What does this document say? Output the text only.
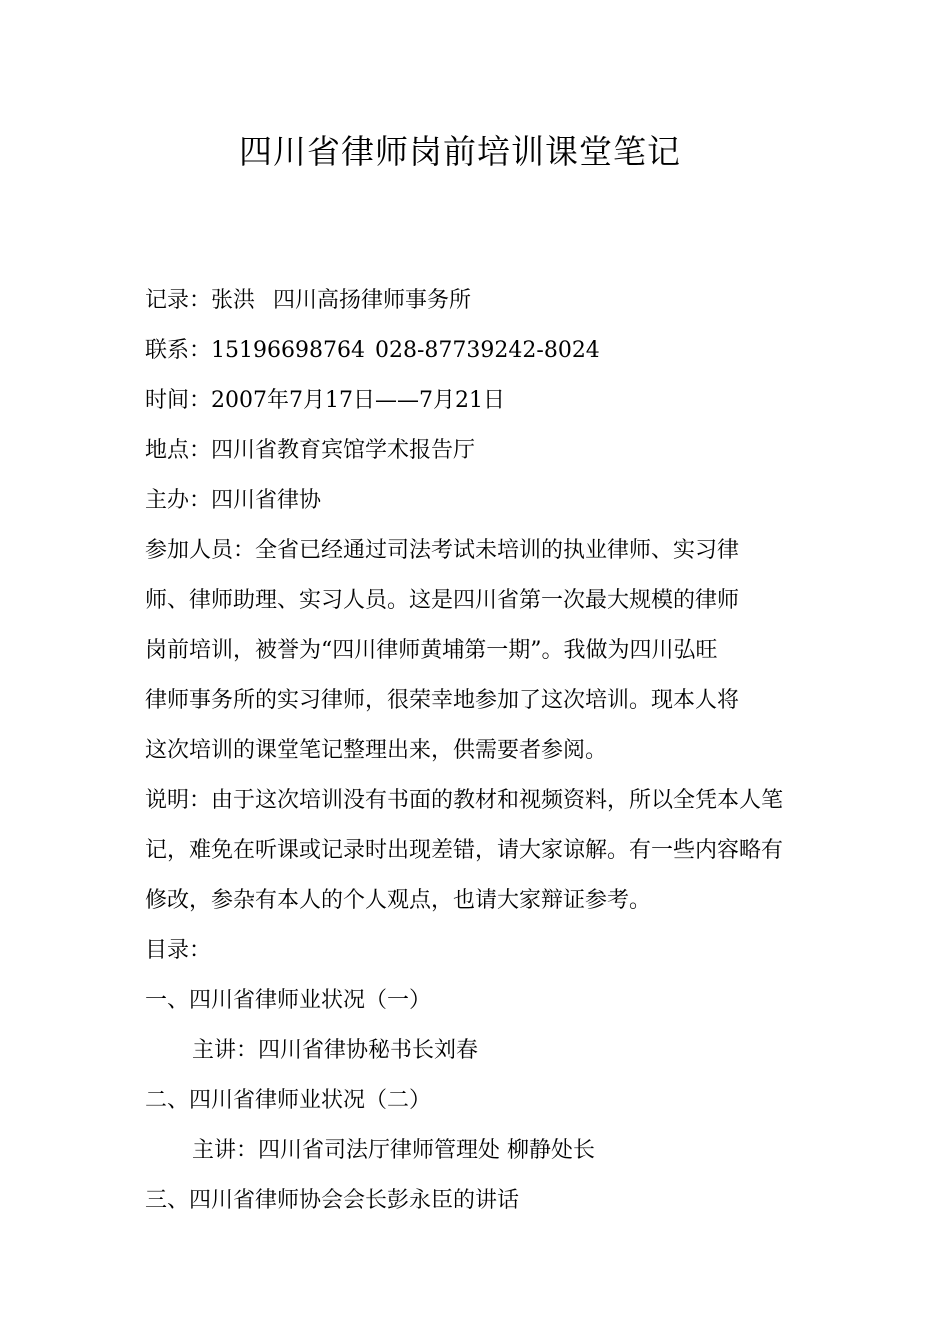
四川省律师岗前培训课堂笔记
记录：张洪 四川高扬律师事务所
联系：15196698764 028-87739242-8024
时间：2007年7月17日——7月21日
地点：四川省教育宾馆学术报告厅
主办：四川省律协
参加人员：全省已经通过司法考试未培训的执业律师、实习律
师、律师助理、实习人员。这是四川省第一次最大规模的律师
岗前培训，被誉为“四川律师黄埔第一期”。我做为四川弘旺
律师事务所的实习律师，很荣幸地参加了这次培训。现本人将
这次培训的课堂笔记整理出来，供需要者参阅。
说明：由于这次培训没有书面的教材和视频资料，所以全凭本人笔
记，难免在听课或记录时出现差错，请大家谅解。有一些内容略有
修改，参杂有本人的个人观点，也请大家辩证参考。
目录：
一、四川省律师业状况（一）
主讲：四川省律协秘书长刘春
二、四川省律师业状况（二）
主讲：四川省司法厅律师管理处 柳静处长
三、四川省律师协会会长彭永臣的讲话
